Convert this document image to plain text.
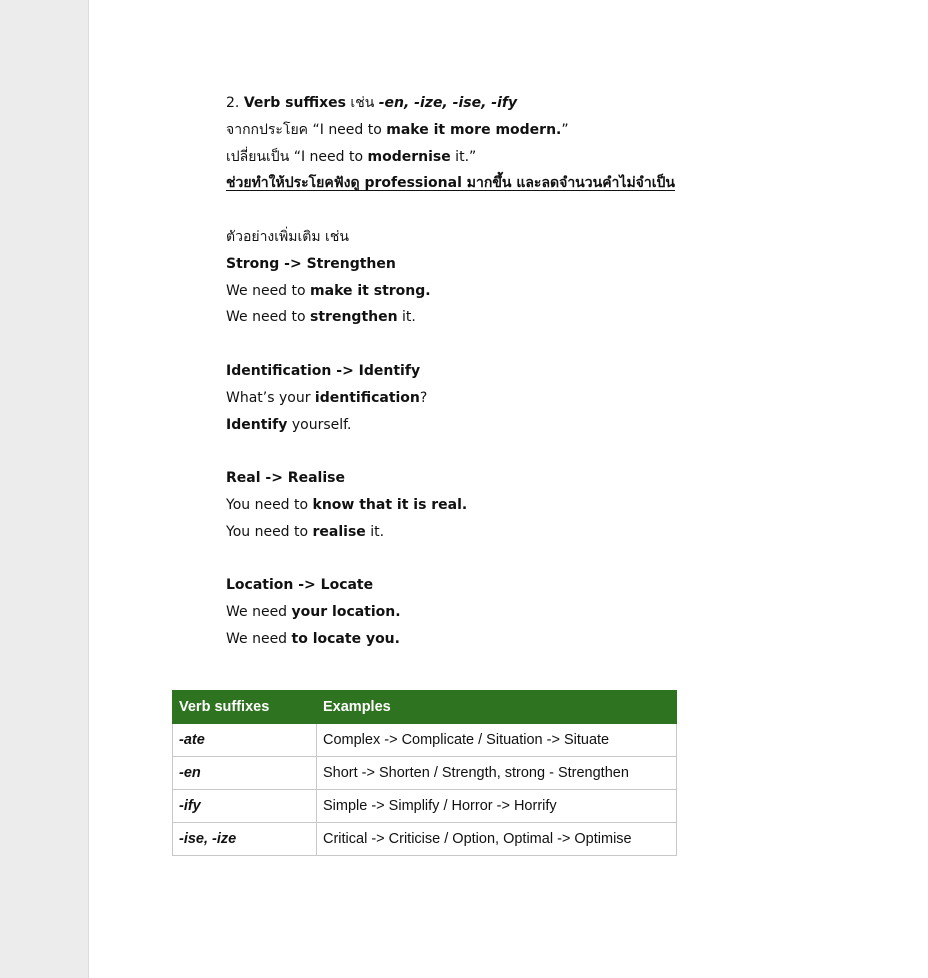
2. Verb suffixes เช่น -en, -ize, -ise, -ify
จากกประโยค “I need to make it more modern.”
เปลี่ยนเป็น “I need to modernise it.”
ช่วยทำให้ประโยคฟังดู professional มากขึ้น และลดจำนวนคำไม่จำเป็น
ตัวอย่างเพิ่มเติม เช่น
Strong -> Strengthen
We need to make it strong.
We need to strengthen it.
Identification -> Identify
What’s your identification?
Identify yourself.
Real -> Realise
You need to know that it is real.
You need to realise it.
Location -> Locate
We need your location.
We need to locate you.
Verb suffixes	Examples
-ate	Complex -> Complicate / Situation -> Situate
-en	Short -> Shorten / Strength, strong - Strengthen
-ify	Simple -> Simplify / Horror -> Horrify
-ise, -ize	Critical -> Criticise / Option, Optimal -> Optimise
